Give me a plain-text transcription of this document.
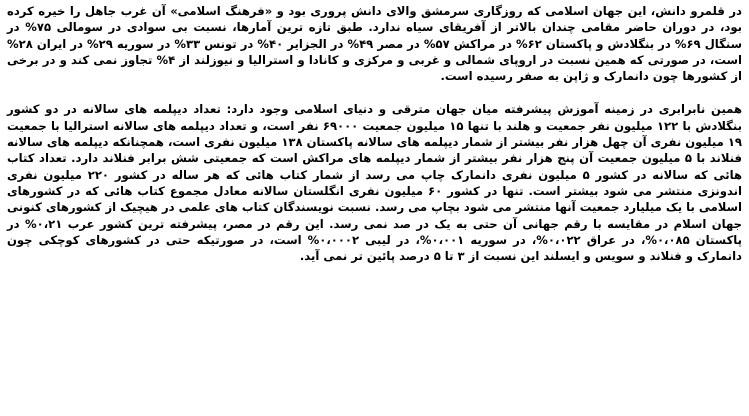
در قلمرو دانش، این جهان اسلامی که روزگاری سرمشق والای دانش پروری بود و «فرهنگ اسلامی» آن غرب جاهل را خیره کرده بود، در دوران حاضر مقامی چندان بالاتر از آفریقای سیاه ندارد. طبق تازه ترین آمارها، نسبت بی سوادی در سومالی ۷۵% در سنگال ۶۹% در بنگلادش و پاکستان ۶۲% در مراکش ۵۷% در مصر ۴۹% در الجزایر ۴۰% در تونس ۳۳% در سوریه ۲۹% در ایران ۲۸% است، در صورتی که همین نسبت در اروپای شمالی و غربی و مرکزی و کانادا و استرالیا و نیوزلند از ۴% تجاوز نمی کند و در برخی از کشورها چون دانمارک و ژاپن به صفر رسیده است.

همین نابرابری در زمینه آموزش پیشرفته میان جهان مترقی و دنیای اسلامی وجود دارد: تعداد دیپلمه های سالانه در دو کشور بنگلادش با ۱۲۲ میلیون نفر جمعیت و هلند با تنها ۱۵ میلیون جمعیت ۶۹۰۰۰ نفر است، و تعداد دیپلمه های سالانه استرالیا با جمعیت ۱۹ میلیون نفری آن چهل هزار نفر بیشتر از شمار دیپلمه های سالانه پاکستان ۱۳۸ میلیون نفری است، همچنانکه دیپلمه های سالانه فنلاند با ۵ میلیون جمعیت آن پنج هزار نفر بیشتر از شمار دیپلمه های مراکش است که جمعیتی شش برابر فنلاند دارد. تعداد کتاب هائی که سالانه در کشور ۵ میلیون نفری دانمارک چاپ می رسد از شمار کتاب هائی که هر ساله در کشور ۲۲۰ میلیون نفری اندونزی منتشر می شود بیشتر است. تنها در کشور ۶۰ میلیون نفری انگلستان سالانه معادل مجموع کتاب هائی که در کشورهای اسلامی با یک میلیارد جمعیت آنها منتشر می شود بچاپ می رسد. نسبت نویسندگان کتاب های علمی در هیچیک از کشورهای کنونی جهان اسلام در مقایسه با رقم جهانی آن حتی به یک در صد نمی رسد. این رقم در مصر، پیشرفته ترین کشور عرب ۰،۲۱% در پاکستان ۰،۰۸۵%، در عراق ۰،۰۲۲%، در سوریه ۰،۰۰۱%، در لیبی ۰،۰۰۰۲% است، در صورتیکه حتی در کشورهای کوچکی چون دانمارک و فنلاند و سویس و ایسلند این نسبت از ۳ تا ۵ درصد پائین تر نمی آید.
